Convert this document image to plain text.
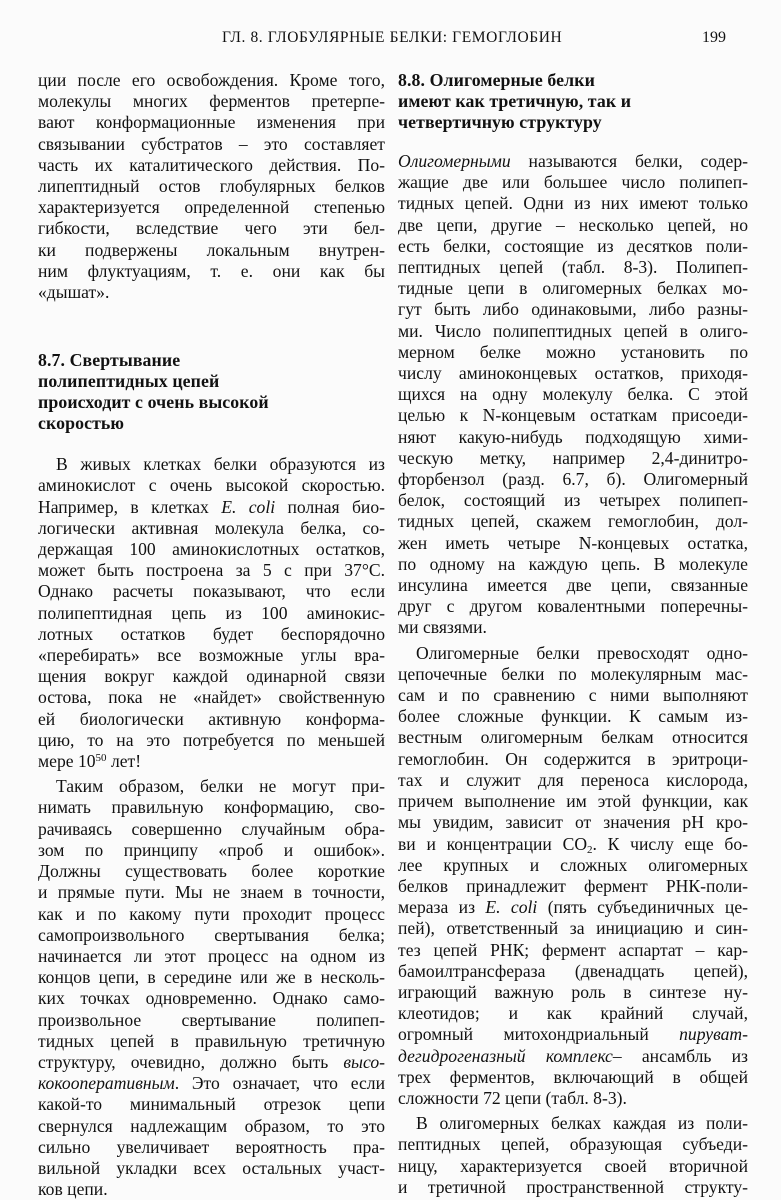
ГЛ. 8. ГЛОБУЛЯРНЫЕ БЕЛКИ: ГЕМОГЛОБИН	199
ции после его освобождения. Кроме того,
молекулы многих ферментов претерпе-
вают конформационные изменения при
связывании субстратов – это составляет
часть их каталитического действия. По-
липептидный остов глобулярных белков
характеризуется определенной степенью
гибкости, вследствие чего эти бел-
ки подвержены локальным внутрен-
ним флуктуациям, т. е. они как бы
«дышат».
8.7. Свертывание
полипептидных цепей
происходит с очень высокой
скоростью
В живых клетках белки образуются из
аминокислот с очень высокой скоростью.
Например, в клетках E. coli полная био-
логически активная молекула белка, со-
держащая 100 аминокислотных остатков,
может быть построена за 5 с при 37°С.
Однако расчеты показывают, что если
полипептидная цепь из 100 аминокис-
лотных остатков будет беспорядочно
«перебирать» все возможные углы вра-
щения вокруг каждой одинарной связи
остова, пока не «найдет» свойственную
ей биологически активную конформа-
цию, то на это потребуется по меньшей
мере $10^{50}$ лет!
Таким образом, белки не могут при-
нимать правильную конформацию, сво-
рачиваясь совершенно случайным обра-
зом по принципу «проб и ошибок».
Должны существовать более короткие
и прямые пути. Мы не знаем в точности,
как и по какому пути проходит процесс
самопроизвольного свертывания белка;
начинается ли этот процесс на одном из
концов цепи, в середине или же в несколь-
ких точках одновременно. Однако само-
произвольное свертывание полипеп-
тидных цепей в правильную третичную
структуру, очевидно, должно быть высо-
кокооперативным. Это означает, что если
какой-то минимальный отрезок цепи
свернулся надлежащим образом, то это
сильно увеличивает вероятность пра-
вильной укладки всех остальных участ-
ков цепи.
8.8. Олигомерные белки
имеют как третичную, так и
четвертичную структуру
Олигомерными называются белки, содер-
жащие две или большее число полипеп-
тидных цепей. Одни из них имеют только
две цепи, другие – несколько цепей, но
есть белки, состоящие из десятков поли-
пептидных цепей (табл. 8-3). Полипеп-
тидные цепи в олигомерных белках мо-
гут быть либо одинаковыми, либо разны-
ми. Число полипептидных цепей в олиго-
мерном белке можно установить по
числу аминоконцевых остатков, приходя-
щихся на одну молекулу белка. С этой
целью к N-концевым остаткам присоеди-
няют какую-нибудь подходящую хими-
ческую метку, например 2,4-динитро-
фторбензол (разд. 6.7, б). Олигомерный
белок, состоящий из четырех полипеп-
тидных цепей, скажем гемоглобин, дол-
жен иметь четыре N-концевых остатка,
по одному на каждую цепь. В молекуле
инсулина имеется две цепи, связанные
друг с другом ковалентными поперечны-
ми связями.
Олигомерные белки превосходят одно-
цепочечные белки по молекулярным мас-
сам и по сравнению с ними выполняют
более сложные функции. К самым из-
вестным олигомерным белкам относится
гемоглобин. Он содержится в эритроци-
тах и служит для переноса кислорода,
причем выполнение им этой функции, как
мы увидим, зависит от значения pH кро-
ви и концентрации $CO_2$. К числу еще бо-
лее крупных и сложных олигомерных
белков принадлежит фермент РНК-поли-
мераза из E. coli (пять субъединичных це-
пей), ответственный за инициацию и син-
тез цепей РНК; фермент аспартат – кар-
бамоилтрансфераза (двенадцать цепей),
играющий важную роль в синтезе ну-
клеотидов; и как крайний случай,
огромный митохондриальный пируват-
дегидрогеназный комплекс– ансамбль из
трех ферментов, включающий в общей
сложности 72 цепи (табл. 8-3).
В олигомерных белках каждая из поли-
пептидных цепей, образующая субъеди-
ницу, характеризуется своей вторичной
и третичной пространственной структу-
